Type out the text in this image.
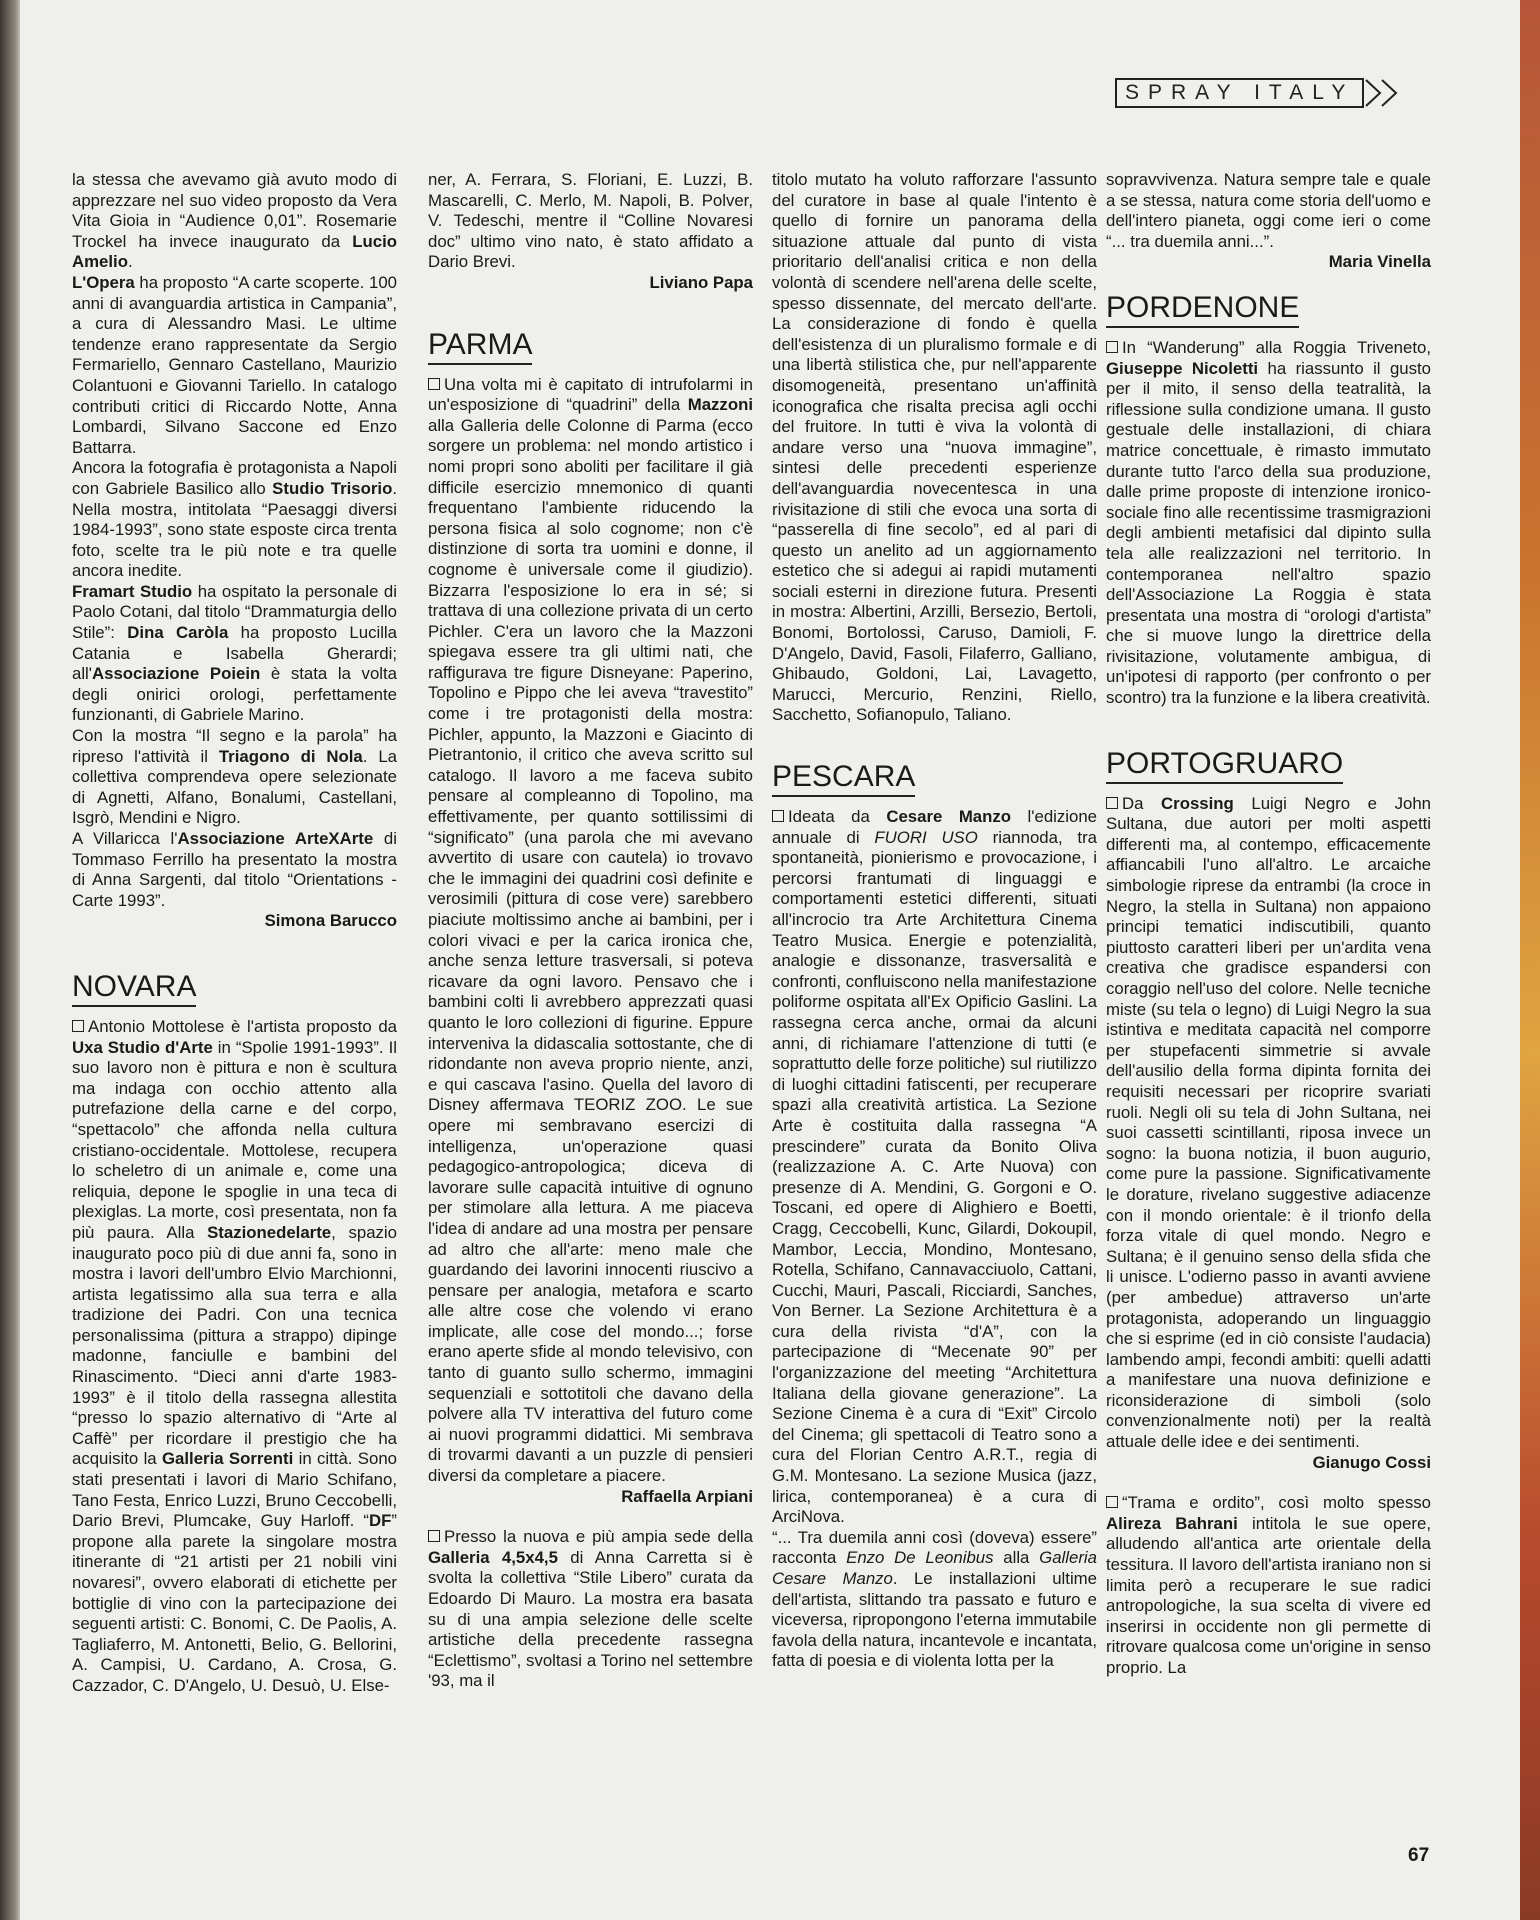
SPRAY ITALY

la stessa che avevamo già avuto modo di apprezzare nel suo video proposto da Vera Vita Gioia in “Audience 0,01”. Rosemarie Trockel ha invece inaugurato da Lucio Amelio.

L'Opera ha proposto “A carte scoperte. 100 anni di avanguardia artistica in Campania”, a cura di Alessandro Masi. Le ultime tendenze erano rappresentate da Sergio Fermariello, Gennaro Castellano, Maurizio Colantuoni e Giovanni Tariello. In catalogo contributi critici di Riccardo Notte, Anna Lombardi, Silvano Saccone ed Enzo Battarra.

Ancora la fotografia è protagonista a Napoli con Gabriele Basilico allo Studio Trisorio. Nella mostra, intitolata “Paesaggi diversi 1984-1993”, sono state esposte circa trenta foto, scelte tra le più note e tra quelle ancora inedite.

Framart Studio ha ospitato la personale di Paolo Cotani, dal titolo “Drammaturgia dello Stile”: Dina Caròla ha proposto Lucilla Catania e Isabella Gherardi; all'Associazione Poiein è stata la volta degli onirici orologi, perfettamente funzionanti, di Gabriele Marino.

Con la mostra “Il segno e la parola” ha ripreso l'attività il Triagono di Nola. La collettiva comprendeva opere selezionate di Agnetti, Alfano, Bonalumi, Castellani, Isgrò, Mendini e Nigro.

A Villaricca l'Associazione ArteXArte di Tommaso Ferrillo ha presentato la mostra di Anna Sargenti, dal titolo “Orientations - Carte 1993”.

Simona Barucco

NOVARA

Antonio Mottolese è l'artista proposto da Uxa Studio d'Arte in “Spolie 1991-1993”. Il suo lavoro non è pittura e non è scultura ma indaga con occhio attento alla putrefazione della carne e del corpo, “spettacolo” che affonda nella cultura cristiano-occidentale. Mottolese, recupera lo scheletro di un animale e, come una reliquia, depone le spoglie in una teca di plexiglas. La morte, così presentata, non fa più paura. Alla Stazionedelarte, spazio inaugurato poco più di due anni fa, sono in mostra i lavori dell'umbro Elvio Marchionni, artista legatissimo alla sua terra e alla tradizione dei Padri. Con una tecnica personalissima (pittura a strappo) dipinge madonne, fanciulle e bambini del Rinascimento. “Dieci anni d'arte 1983-1993” è il titolo della rassegna allestita “presso lo spazio alternativo di “Arte al Caffè” per ricordare il prestigio che ha acquisito la Galleria Sorrenti in città. Sono stati presentati i lavori di Mario Schifano, Tano Festa, Enrico Luzzi, Bruno Ceccobelli, Dario Brevi, Plumcake, Guy Harloff. “DF” propone alla parete la singolare mostra itinerante di “21 artisti per 21 nobili vini novaresi”, ovvero elaborati di etichette per bottiglie di vino con la partecipazione dei seguenti artisti: C. Bonomi, C. De Paolis, A. Tagliaferro, M. Antonetti, Belio, G. Bellorini, A. Campisi, U. Cardano, A. Crosa, G. Cazzador, C. D'Angelo, U. Desuò, U. Else-

ner, A. Ferrara, S. Floriani, E. Luzzi, B. Mascarelli, C. Merlo, M. Napoli, B. Polver, V. Tedeschi, mentre il “Colline Novaresi doc” ultimo vino nato, è stato affidato a Dario Brevi.

Liviano Papa

PARMA

Una volta mi è capitato di intrufolarmi in un'esposizione di “quadrini” della Mazzoni alla Galleria delle Colonne di Parma (ecco sorgere un problema: nel mondo artistico i nomi propri sono aboliti per facilitare il già difficile esercizio mnemonico di quanti frequentano l'ambiente riducendo la persona fisica al solo cognome; non c'è distinzione di sorta tra uomini e donne, il cognome è universale come il giudizio). Bizzarra l'esposizione lo era in sé; si trattava di una collezione privata di un certo Pichler. C'era un lavoro che la Mazzoni spiegava essere tra gli ultimi nati, che raffigurava tre figure Disneyane: Paperino, Topolino e Pippo che lei aveva “travestito” come i tre protagonisti della mostra: Pichler, appunto, la Mazzoni e Giacinto di Pietrantonio, il critico che aveva scritto sul catalogo. Il lavoro a me faceva subito pensare al compleanno di Topolino, ma effettivamente, per quanto sottilissimi di “significato” (una parola che mi avevano avvertito di usare con cautela) io trovavo che le immagini dei quadrini così definite e verosimili (pittura di cose vere) sarebbero piaciute moltissimo anche ai bambini, per i colori vivaci e per la carica ironica che, anche senza letture trasversali, si poteva ricavare da ogni lavoro. Pensavo che i bambini colti li avrebbero apprezzati quasi quanto le loro collezioni di figurine. Eppure interveniva la didascalia sottostante, che di ridondante non aveva proprio niente, anzi, e qui cascava l'asino. Quella del lavoro di Disney affermava TEORIZ ZOO. Le sue opere mi sembravano esercizi di intelligenza, un'operazione quasi pedagogico-antropologica; diceva di lavorare sulle capacità intuitive di ognuno per stimolare alla lettura. A me piaceva l'idea di andare ad una mostra per pensare ad altro che all'arte: meno male che guardando dei lavorini innocenti riuscivo a pensare per analogia, metafora e scarto alle altre cose che volendo vi erano implicate, alle cose del mondo...; forse erano aperte sfide al mondo televisivo, con tanto di guanto sullo schermo, immagini sequenziali e sottotitoli che davano della polvere alla TV interattiva del futuro come ai nuovi programmi didattici. Mi sembrava di trovarmi davanti a un puzzle di pensieri diversi da completare a piacere.

Raffaella Arpiani

Presso la nuova e più ampia sede della Galleria 4,5x4,5 di Anna Carretta si è svolta la collettiva “Stile Libero” curata da Edoardo Di Mauro. La mostra era basata su di una ampia selezione delle scelte artistiche della precedente rassegna “Eclettismo”, svoltasi a Torino nel settembre '93, ma il

titolo mutato ha voluto rafforzare l'assunto del curatore in base al quale l'intento è quello di fornire un panorama della situazione attuale dal punto di vista prioritario dell'analisi critica e non della volontà di scendere nell'arena delle scelte, spesso dissennate, del mercato dell'arte. La considerazione di fondo è quella dell'esistenza di un pluralismo formale e di una libertà stilistica che, pur nell'apparente disomogeneità, presentano un'affinità iconografica che risalta precisa agli occhi del fruitore. In tutti è viva la volontà di andare verso una “nuova immagine”, sintesi delle precedenti esperienze dell'avanguardia novecentesca in una rivisitazione di stili che evoca una sorta di “passerella di fine secolo”, ed al pari di questo un anelito ad un aggiornamento estetico che si adegui ai rapidi mutamenti sociali esterni in direzione futura. Presenti in mostra: Albertini, Arzilli, Bersezio, Bertoli, Bonomi, Bortolossi, Caruso, Damioli, F. D'Angelo, David, Fasoli, Filaferro, Galliano, Ghibaudo, Goldoni, Lai, Lavagetto, Marucci, Mercurio, Renzini, Riello, Sacchetto, Sofianopulo, Taliano.

PESCARA

Ideata da Cesare Manzo l'edizione annuale di FUORI USO riannoda, tra spontaneità, pionierismo e provocazione, i percorsi frantumati di linguaggi e comportamenti estetici differenti, situati all'incrocio tra Arte Architettura Cinema Teatro Musica. Energie e potenzialità, analogie e dissonanze, trasversalità e confronti, confluiscono nella manifestazione poliforme ospitata all'Ex Opificio Gaslini. La rassegna cerca anche, ormai da alcuni anni, di richiamare l'attenzione di tutti (e soprattutto delle forze politiche) sul riutilizzo di luoghi cittadini fatiscenti, per recuperare spazi alla creatività artistica. La Sezione Arte è costituita dalla rassegna “A prescindere” curata da Bonito Oliva (realizzazione A. C. Arte Nuova) con presenze di A. Mendini, G. Gorgoni e O. Toscani, ed opere di Alighiero e Boetti, Cragg, Ceccobelli, Kunc, Gilardi, Dokoupil, Mambor, Leccia, Mondino, Montesano, Rotella, Schifano, Cannavacciuolo, Cattani, Cucchi, Mauri, Pascali, Ricciardi, Sanches, Von Berner. La Sezione Architettura è a cura della rivista “d'A”, con la partecipazione di “Mecenate 90” per l'organizzazione del meeting “Architettura Italiana della giovane generazione”. La Sezione Cinema è a cura di “Exit” Circolo del Cinema; gli spettacoli di Teatro sono a cura del Florian Centro A.R.T., regia di G.M. Montesano. La sezione Musica (jazz, lirica, contemporanea) è a cura di ArciNova.

“... Tra duemila anni così (doveva) essere” racconta Enzo De Leonibus alla Galleria Cesare Manzo. Le installazioni ultime dell'artista, slittando tra passato e futuro e viceversa, ripropongono l'eterna immutabile favola della natura, incantevole e incantata, fatta di poesia e di violenta lotta per la

sopravvivenza. Natura sempre tale e quale a se stessa, natura come storia dell'uomo e dell'intero pianeta, oggi come ieri o come “... tra duemila anni...”.

Maria Vinella

PORDENONE

In “Wanderung” alla Roggia Triveneto, Giuseppe Nicoletti ha riassunto il gusto per il mito, il senso della teatralità, la riflessione sulla condizione umana. Il gusto gestuale delle installazioni, di chiara matrice concettuale, è rimasto immutato durante tutto l'arco della sua produzione, dalle prime proposte di intenzione ironico-sociale fino alle recentissime trasmigrazioni degli ambienti metafisici dal dipinto sulla tela alle realizzazioni nel territorio. In contemporanea nell'altro spazio dell'Associazione La Roggia è stata presentata una mostra di “orologi d'artista” che si muove lungo la direttrice della rivisitazione, volutamente ambigua, di un'ipotesi di rapporto (per confronto o per scontro) tra la funzione e la libera creatività.

PORTOGRUARO

Da Crossing Luigi Negro e John Sultana, due autori per molti aspetti differenti ma, al contempo, efficacemente affiancabili l'uno all'altro. Le arcaiche simbologie riprese da entrambi (la croce in Negro, la stella in Sultana) non appaiono principi tematici indiscutibili, quanto piuttosto caratteri liberi per un'ardita vena creativa che gradisce espandersi con coraggio nell'uso del colore. Nelle tecniche miste (su tela o legno) di Luigi Negro la sua istintiva e meditata capacità nel comporre per stupefacenti simmetrie si avvale dell'ausilio della forma dipinta fornita dei requisiti necessari per ricoprire svariati ruoli. Negli oli su tela di John Sultana, nei suoi cassetti scintillanti, riposa invece un sogno: la buona notizia, il buon augurio, come pure la passione. Significativamente le dorature, rivelano suggestive adiacenze con il mondo orientale: è il trionfo della forza vitale di quel mondo. Negro e Sultana; è il genuino senso della sfida che li unisce. L'odierno passo in avanti avviene (per ambedue) attraverso un'arte protagonista, adoperando un linguaggio che si esprime (ed in ciò consiste l'audacia) lambendo ampi, fecondi ambiti: quelli adatti a manifestare una nuova definizione e riconsiderazione di simboli (solo convenzionalmente noti) per la realtà attuale delle idee e dei sentimenti.

Gianugo Cossi

“Trama e ordito”, così molto spesso Alireza Bahrani intitola le sue opere, alludendo all'antica arte orientale della tessitura. Il lavoro dell'artista iraniano non si limita però a recuperare le sue radici antropologiche, la sua scelta di vivere ed inserirsi in occidente non gli permette di ritrovare qualcosa come un'origine in senso proprio. La

67
